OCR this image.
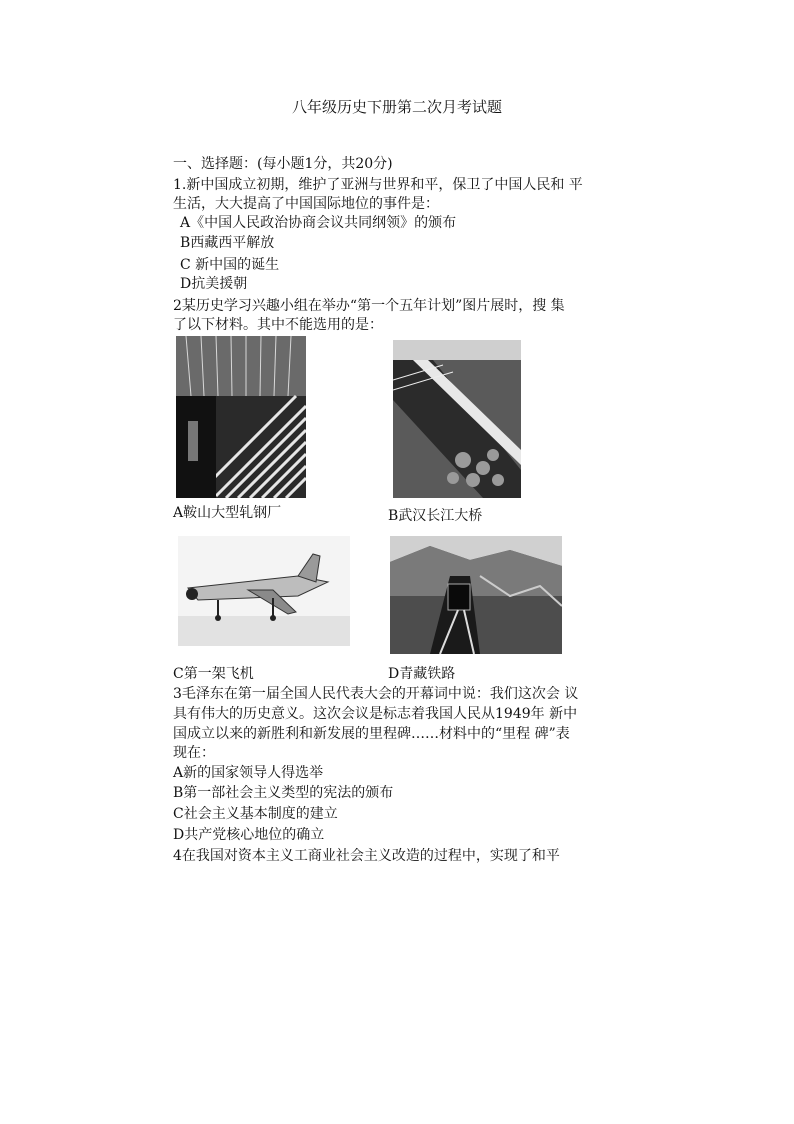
八年级历史下册第二次月考试题
一、选择题：(每小题1分，共20分)
1.新中国成立初期，维护了亚洲与世界和平，保卫了中国人民和 平
生活，大大提高了中国国际地位的事件是：
A《中国人民政治协商会议共同纲领》的颁布
B西藏西平解放
C 新中国的诞生
D抗美援朝
2某历史学习兴趣小组在举办“第一个五年计划”图片展时，搜 集
了以下材料。其中不能选用的是：
A鞍山大型轧钢厂	B武汉长江大桥
C第一架飞机	D青藏铁路
3毛泽东在第一届全国人民代表大会的开幕词中说：我们这次会 议
具有伟大的历史意义。这次会议是标志着我国人民从1949年 新中
国成立以来的新胜利和新发展的里程碑……材料中的“里程 碑”表
现在：
A新的国家领导人得选举
B第一部社会主义类型的宪法的颁布
C社会主义基本制度的建立
D共产党核心地位的确立
4在我国对资本主义工商业社会主义改造的过程中，实现了和平
